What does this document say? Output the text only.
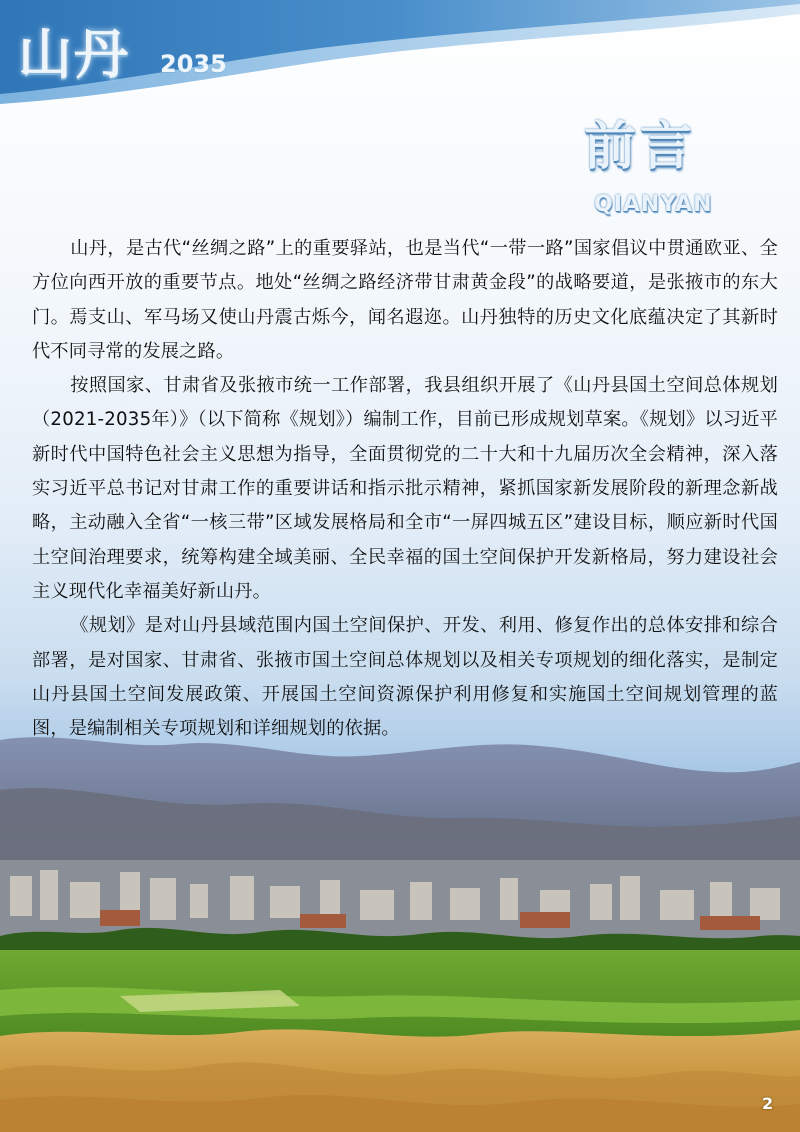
山丹 2035
前言
QIANYAN

山丹，是古代“丝绸之路”上的重要驿站，也是当代“一带一路”国家倡议中贯通欧亚、全方位向西开放的重要节点。地处“丝绸之路经济带甘肃黄金段”的战略要道，是张掖市的东大门。焉支山、军马场又使山丹震古烁今，闻名遐迩。山丹独特的历史文化底蕴决定了其新时代不同寻常的发展之路。

按照国家、甘肃省及张掖市统一工作部署，我县组织开展了《山丹县国土空间总体规划（2021-2035年）》（以下简称《规划》）编制工作，目前已形成规划草案。《规划》以习近平新时代中国特色社会主义思想为指导，全面贯彻党的二十大和十九届历次全会精神，深入落实习近平总书记对甘肃工作的重要讲话和指示批示精神，紧抓国家新发展阶段的新理念新战略，主动融入全省“一核三带”区域发展格局和全市“一屏四城五区”建设目标，顺应新时代国土空间治理要求，统筹构建全域美丽、全民幸福的国土空间保护开发新格局，努力建设社会主义现代化幸福美好新山丹。

《规划》是对山丹县域范围内国土空间保护、开发、利用、修复作出的总体安排和综合部署，是对国家、甘肃省、张掖市国土空间总体规划以及相关专项规划的细化落实，是制定山丹县国土空间发展政策、开展国土空间资源保护利用修复和实施国土空间规划管理的蓝图，是编制相关专项规划和详细规划的依据。

2
